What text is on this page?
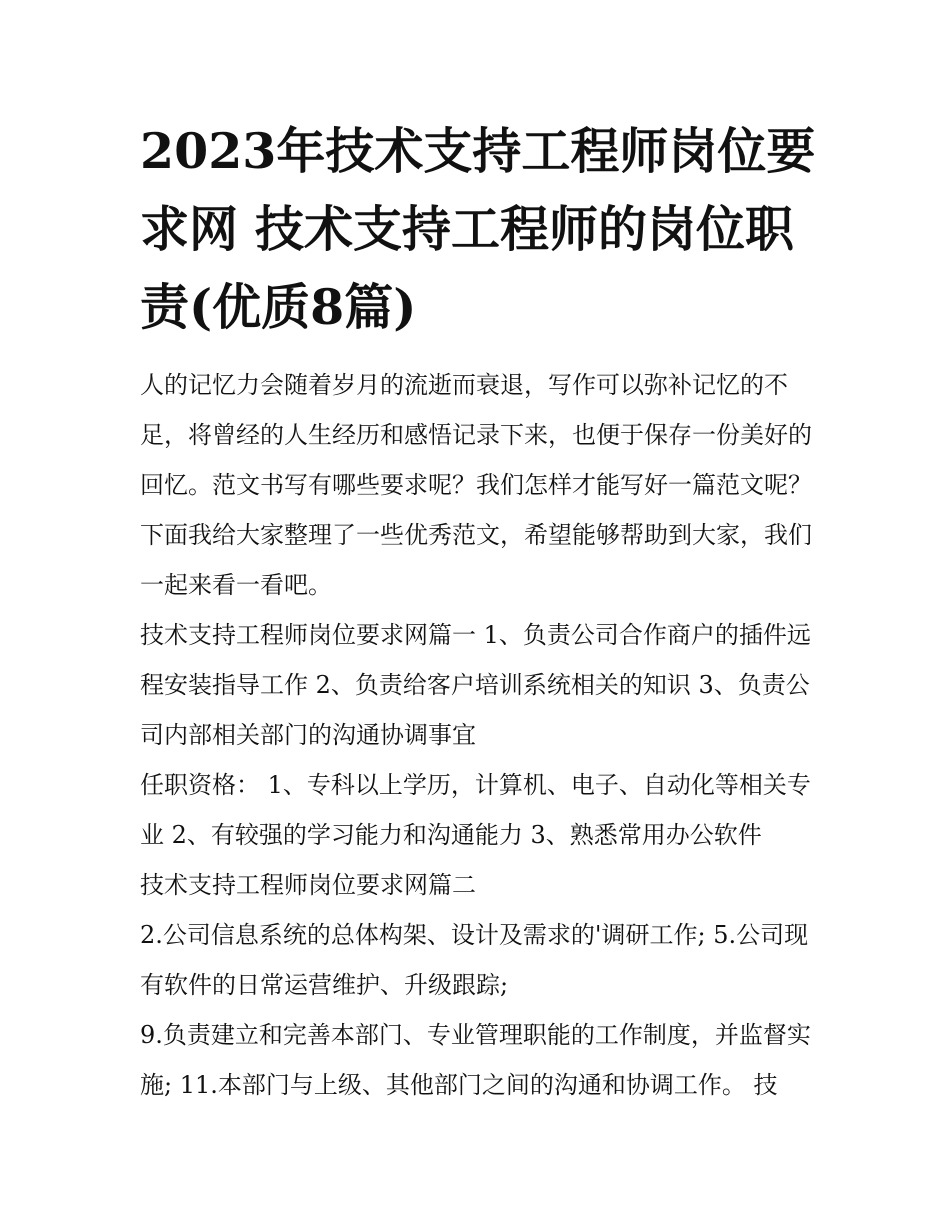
2023年技术支持工程师岗位要求网 技术支持工程师的岗位职责(优质8篇)

人的记忆力会随着岁月的流逝而衰退，写作可以弥补记忆的不足，将曾经的人生经历和感悟记录下来，也便于保存一份美好的回忆。范文书写有哪些要求呢？我们怎样才能写好一篇范文呢？下面我给大家整理了一些优秀范文，希望能够帮助到大家，我们一起来看一看吧。

技术支持工程师岗位要求网篇一 1、负责公司合作商户的插件远程安装指导工作 2、负责给客户培训系统相关的知识 3、负责公司内部相关部门的沟通协调事宜

任职资格： 1、专科以上学历，计算机、电子、自动化等相关专业 2、有较强的学习能力和沟通能力 3、熟悉常用办公软件

技术支持工程师岗位要求网篇二

2.公司信息系统的总体构架、设计及需求的'调研工作; 5.公司现有软件的日常运营维护、升级跟踪;

9.负责建立和完善本部门、专业管理职能的工作制度，并监督实施; 11.本部门与上级、其他部门之间的沟通和协调工作。 技
